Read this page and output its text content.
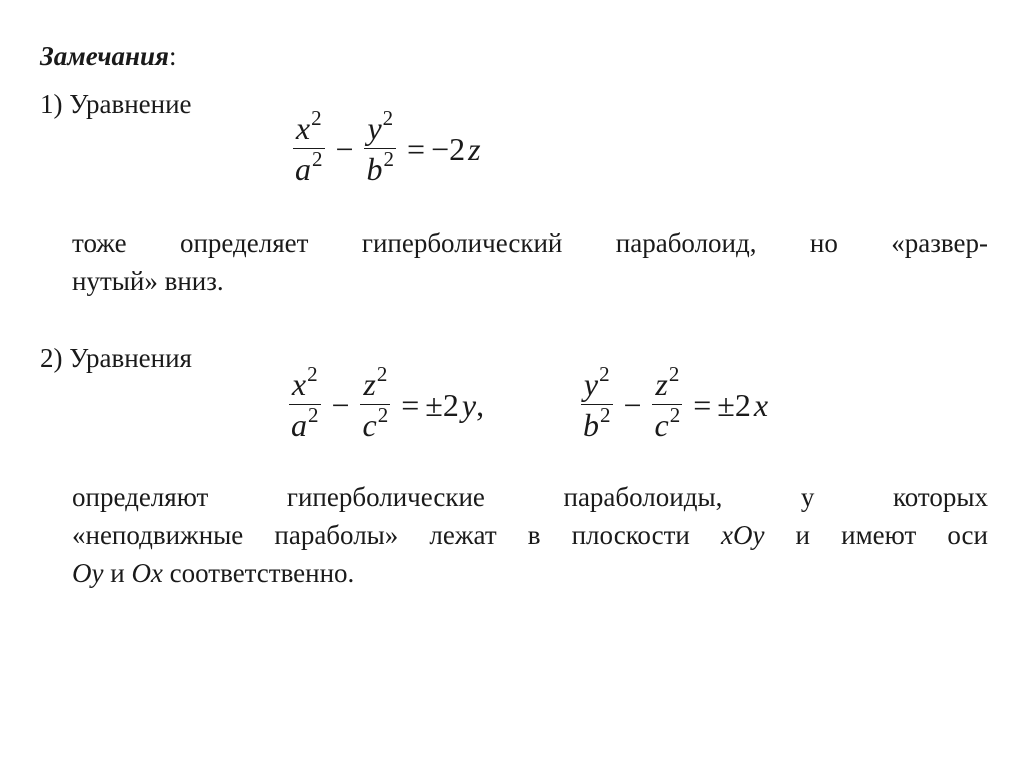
Замечания:
1) Уравнение
$\frac{x^2}{a^2} - \frac{y^2}{b^2} = -2z$
тоже определяет гиперболический параболоид, но «развер-
нутый» вниз.
2) Уравнения
$\frac{x^2}{a^2} - \frac{z^2}{c^2} = \pm 2y$,	$\frac{y^2}{b^2} - \frac{z^2}{c^2} = \pm 2x$
определяют гиперболические параболоиды, у которых
«неподвижные параболы» лежат в плоскости xOy и имеют оси
Oy и Ox соответственно.
